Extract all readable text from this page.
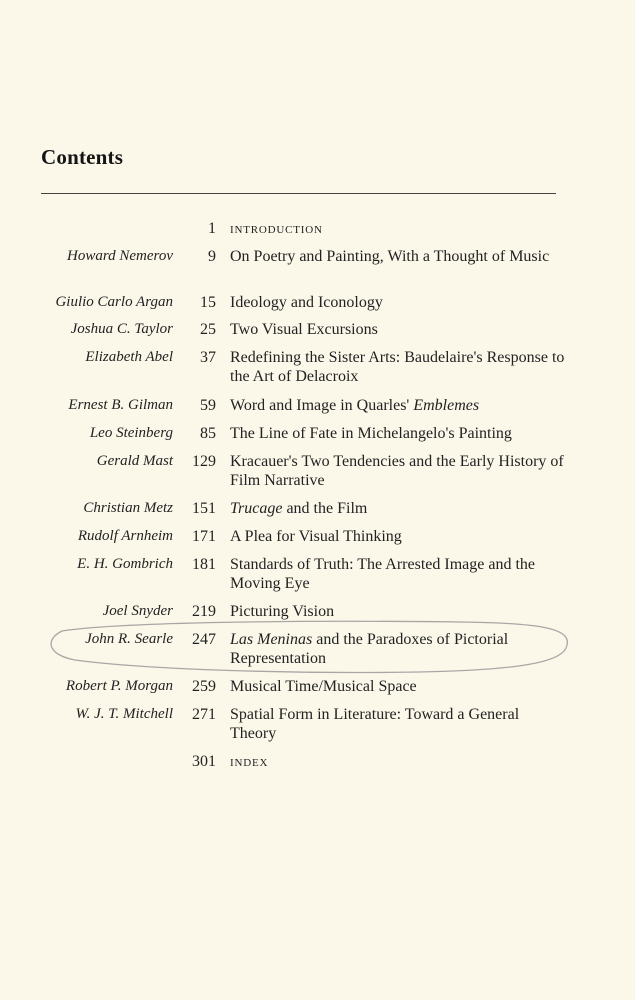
Contents
1 INTRODUCTION
Howard Nemerov 9 On Poetry and Painting, With a Thought of Music
Giulio Carlo Argan 15 Ideology and Iconology
Joshua C. Taylor 25 Two Visual Excursions
Elizabeth Abel 37 Redefining the Sister Arts: Baudelaire's Response to the Art of Delacroix
Ernest B. Gilman 59 Word and Image in Quarles' Emblemes
Leo Steinberg 85 The Line of Fate in Michelangelo's Painting
Gerald Mast 129 Kracauer's Two Tendencies and the Early History of Film Narrative
Christian Metz 151 Trucage and the Film
Rudolf Arnheim 171 A Plea for Visual Thinking
E. H. Gombrich 181 Standards of Truth: The Arrested Image and the Moving Eye
Joel Snyder 219 Picturing Vision
John R. Searle 247 Las Meninas and the Paradoxes of Pictorial Representation
Robert P. Morgan 259 Musical Time/Musical Space
W. J. T. Mitchell 271 Spatial Form in Literature: Toward a General Theory
301 INDEX
